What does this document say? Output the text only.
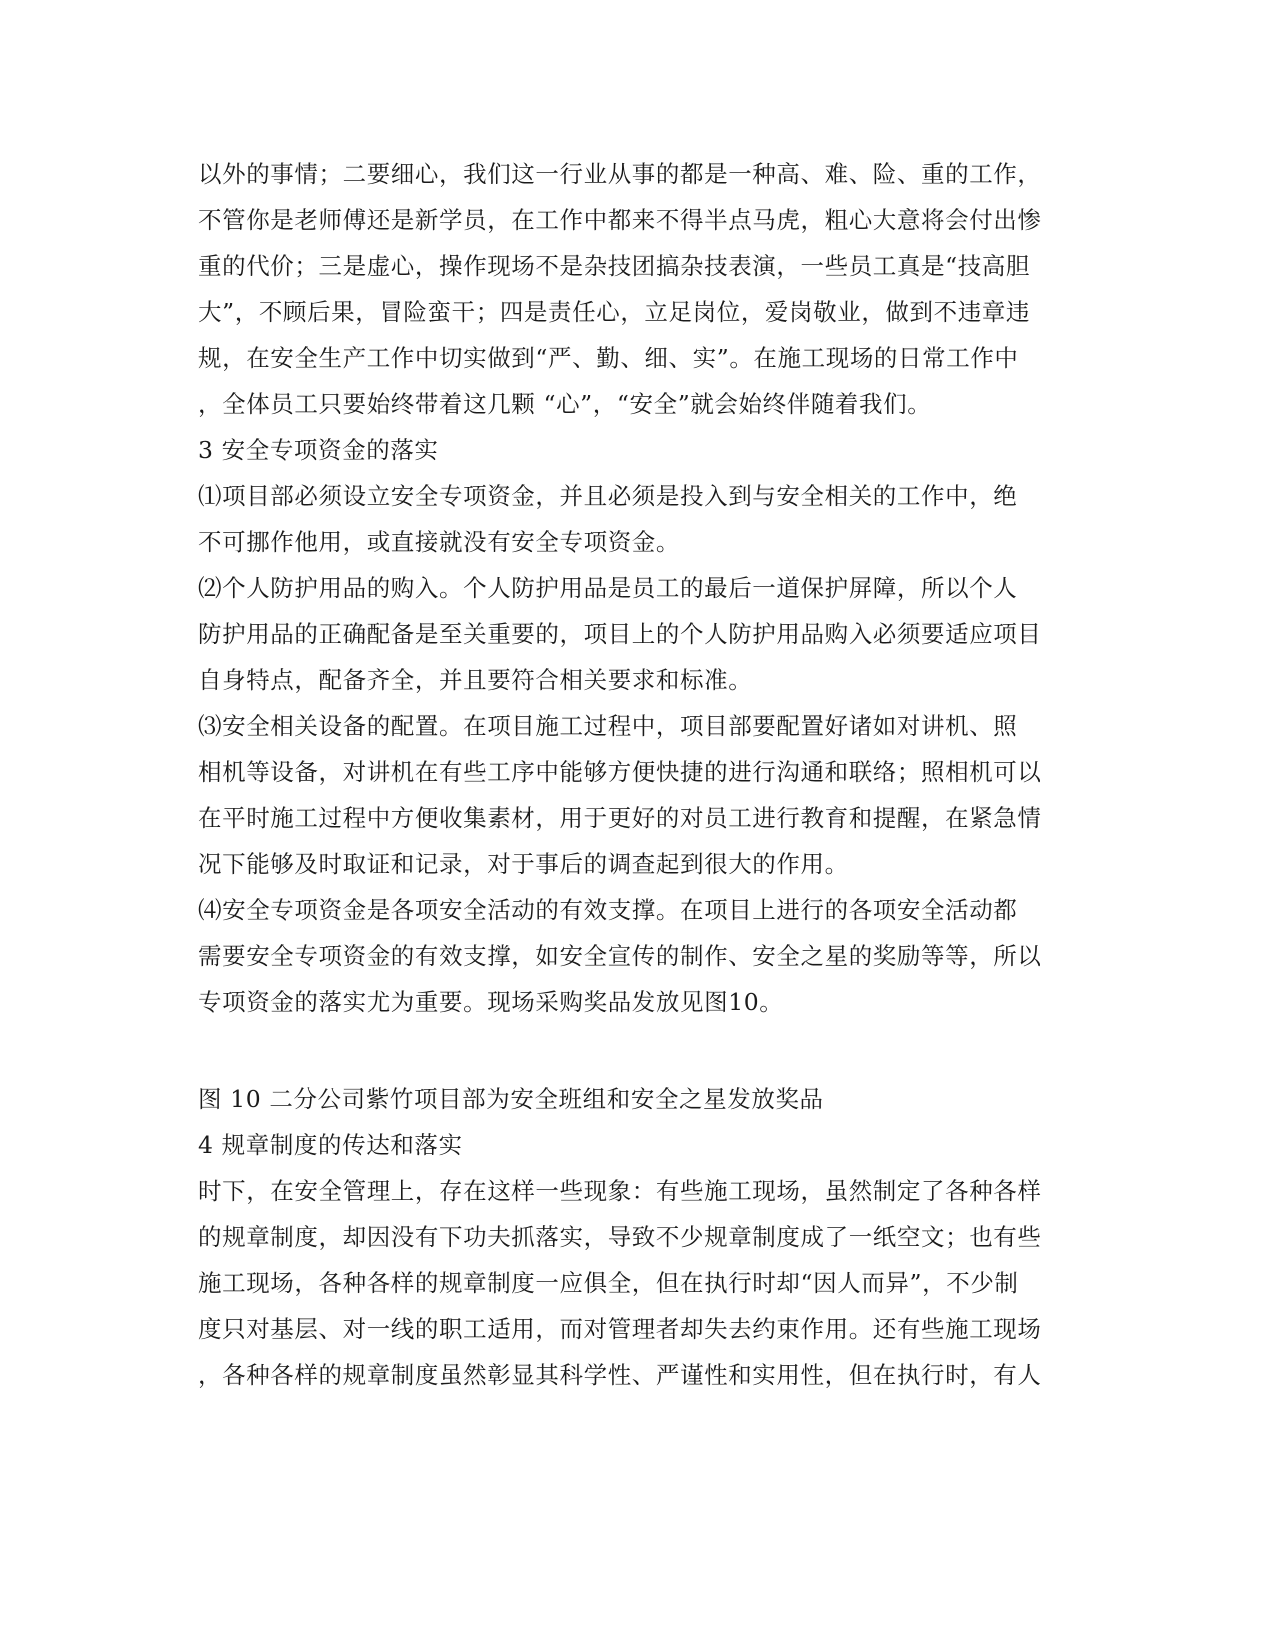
以外的事情；二要细心，我们这一行业从事的都是一种高、难、险、重的工作，
不管你是老师傅还是新学员，在工作中都来不得半点马虎，粗心大意将会付出惨
重的代价；三是虚心，操作现场不是杂技团搞杂技表演，一些员工真是“技高胆
大”，不顾后果，冒险蛮干；四是责任心，立足岗位，爱岗敬业，做到不违章违
规，在安全生产工作中切实做到“严、勤、细、实”。在施工现场的日常工作中
，全体员工只要始终带着这几颗 “心”，“安全”就会始终伴随着我们。
3 安全专项资金的落实
⑴项目部必须设立安全专项资金，并且必须是投入到与安全相关的工作中，绝
不可挪作他用，或直接就没有安全专项资金。
⑵个人防护用品的购入。个人防护用品是员工的最后一道保护屏障，所以个人
防护用品的正确配备是至关重要的，项目上的个人防护用品购入必须要适应项目
自身特点，配备齐全，并且要符合相关要求和标准。
⑶安全相关设备的配置。在项目施工过程中，项目部要配置好诸如对讲机、照
相机等设备，对讲机在有些工序中能够方便快捷的进行沟通和联络；照相机可以
在平时施工过程中方便收集素材，用于更好的对员工进行教育和提醒，在紧急情
况下能够及时取证和记录，对于事后的调查起到很大的作用。
⑷安全专项资金是各项安全活动的有效支撑。在项目上进行的各项安全活动都
需要安全专项资金的有效支撑，如安全宣传的制作、安全之星的奖励等等，所以
专项资金的落实尤为重要。现场采购奖品发放见图10。
图 10 二分公司紫竹项目部为安全班组和安全之星发放奖品
4 规章制度的传达和落实
时下，在安全管理上，存在这样一些现象：有些施工现场，虽然制定了各种各样
的规章制度，却因没有下功夫抓落实，导致不少规章制度成了一纸空文；也有些
施工现场，各种各样的规章制度一应俱全，但在执行时却“因人而异”，不少制
度只对基层、对一线的职工适用，而对管理者却失去约束作用。还有些施工现场
，各种各样的规章制度虽然彰显其科学性、严谨性和实用性，但在执行时，有人
